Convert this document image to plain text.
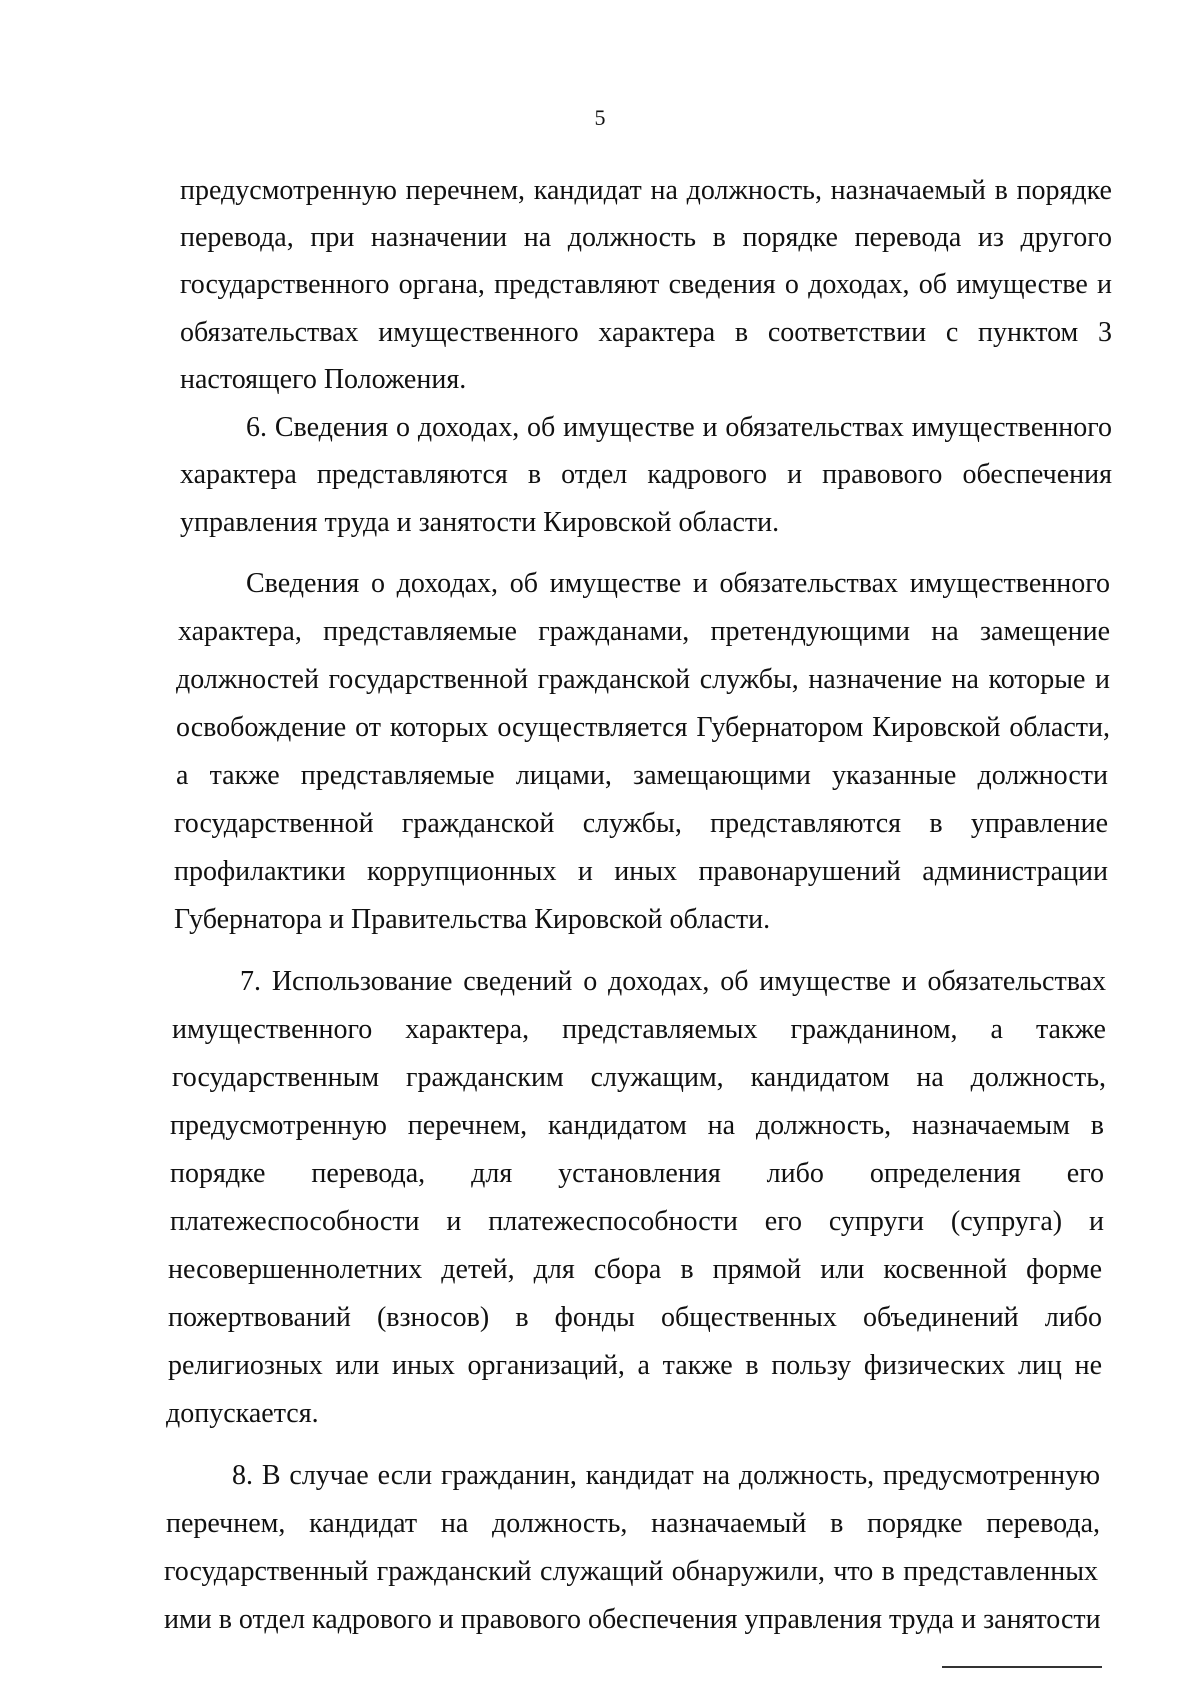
5
предусмотренную перечнем, кандидат на должность, назначаемый в порядке
перевода, при назначении на должность в порядке перевода из другого
государственного органа, представляют сведения о доходах, об имуществе и
обязательствах имущественного характера в соответствии с пунктом 3
настоящего Положения.
6. Сведения о доходах, об имуществе и обязательствах имущественного
характера представляются в отдел кадрового и правового обеспечения
управления труда и занятости Кировской области.
Сведения о доходах, об имуществе и обязательствах имущественного
характера, представляемые гражданами, претендующими на замещение
должностей государственной гражданской службы, назначение на которые и
освобождение от которых осуществляется Губернатором Кировской области,
а также представляемые лицами, замещающими указанные должности
государственной гражданской службы, представляются в управление
профилактики коррупционных и иных правонарушений администрации
Губернатора и Правительства Кировской области.
7. Использование сведений о доходах, об имуществе и обязательствах
имущественного характера, представляемых гражданином, а также
государственным гражданским служащим, кандидатом на должность,
предусмотренную перечнем, кандидатом на должность, назначаемым в
порядке перевода, для установления либо определения его
платежеспособности и платежеспособности его супруги (супруга) и
несовершеннолетних детей, для сбора в прямой или косвенной форме
пожертвований (взносов) в фонды общественных объединений либо
религиозных или иных организаций, а также в пользу физических лиц не
допускается.
8. В случае если гражданин, кандидат на должность, предусмотренную
перечнем, кандидат на должность, назначаемый в порядке перевода,
государственный гражданский служащий обнаружили, что в представленных
ими в отдел кадрового и правового обеспечения управления труда и занятости
